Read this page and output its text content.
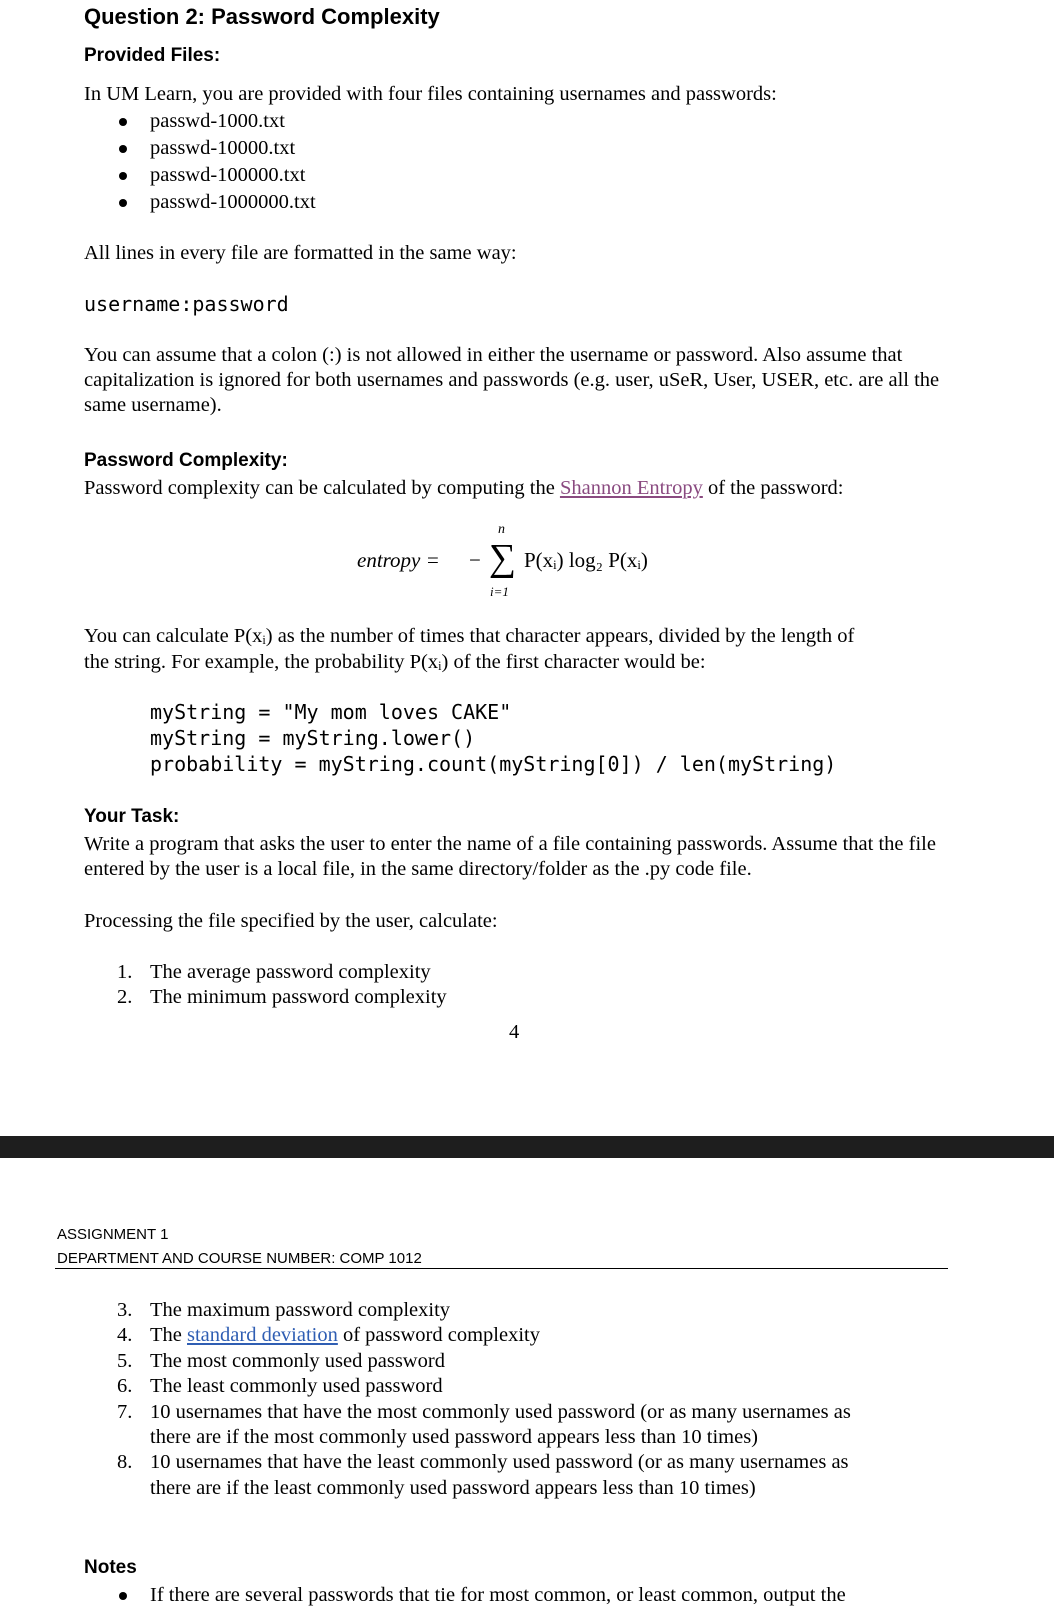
Question 2: Password Complexity
Provided Files:
In UM Learn, you are provided with four files containing usernames and passwords:
passwd-1000.txt
passwd-10000.txt
passwd-100000.txt
passwd-1000000.txt
All lines in every file are formatted in the same way:
username:password
You can assume that a colon (:) is not allowed in either the username or password. Also assume that capitalization is ignored for both usernames and passwords (e.g. user, uSeR, User, USER, etc. are all the same username).
Password Complexity:
Password complexity can be calculated by computing the Shannon Entropy of the password:
entropy = − ∑
n
i=1
P(xᵢ) log₂ P(xᵢ)
You can calculate P(xᵢ) as the number of times that character appears, divided by the length of
the string. For example, the probability P(xᵢ) of the first character would be:
myString = "My mom loves CAKE"
myString = myString.lower()
probability = myString.count(myString[0]) / len(myString)
Your Task:
Write a program that asks the user to enter the name of a file containing passwords. Assume that the file entered by the user is a local file, in the same directory/folder as the .py code file.
Processing the file specified by the user, calculate:
1. The average password complexity
2. The minimum password complexity
4
ASSIGNMENT 1
DEPARTMENT AND COURSE NUMBER: COMP 1012
3. The maximum password complexity
4. The standard deviation of password complexity
5. The most commonly used password
6. The least commonly used password
7. 10 usernames that have the most commonly used password (or as many usernames as
there are if the most commonly used password appears less than 10 times)
8. 10 usernames that have the least commonly used password (or as many usernames as
there are if the least commonly used password appears less than 10 times)
Notes
If there are several passwords that tie for most common, or least common, output the
